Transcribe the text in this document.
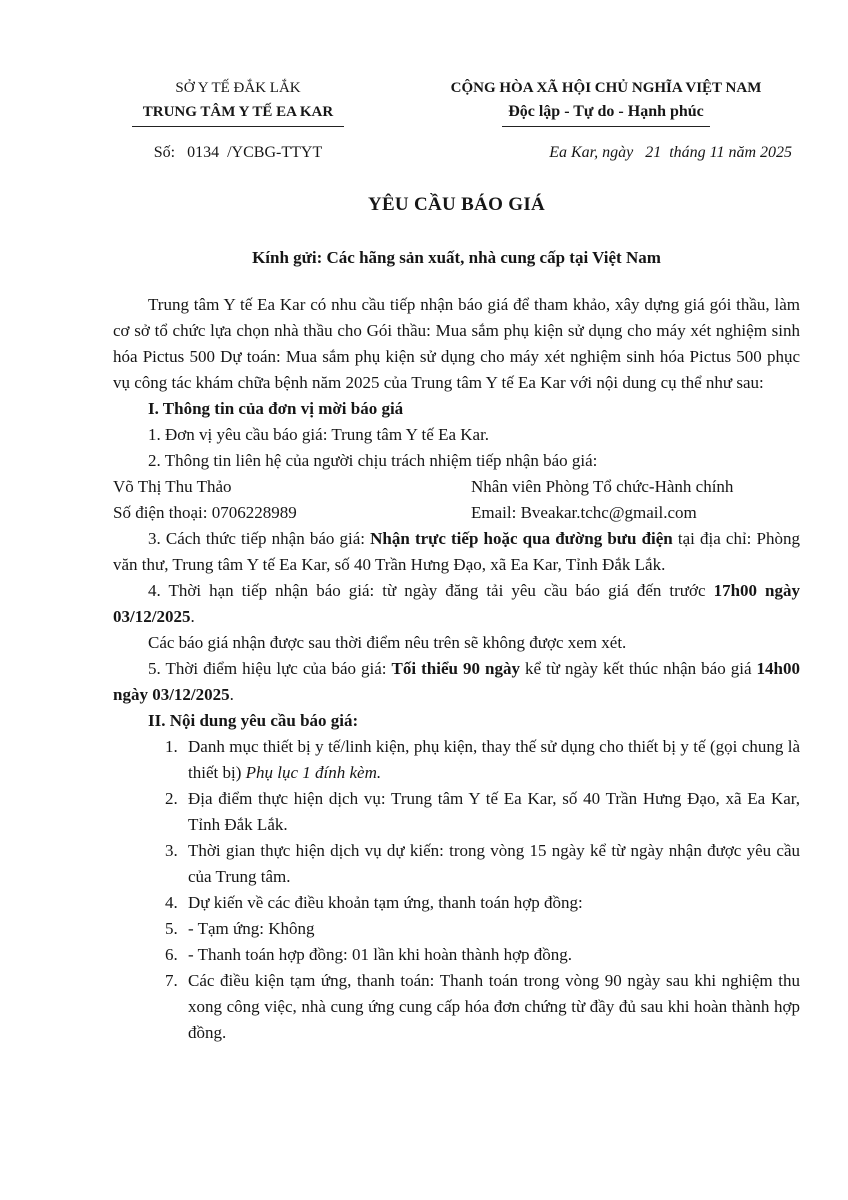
SỞ Y TẾ ĐẮK LẮK
TRUNG TÂM Y TẾ EA KAR
CỘNG HÒA XÃ HỘI CHỦ NGHĨA VIỆT NAM
Độc lập - Tự do - Hạnh phúc
Số:   0134  /YCBG-TTYT	Ea Kar, ngày   21  tháng 11 năm 2025
YÊU CẦU BÁO GIÁ
Kính gửi: Các hãng sản xuất, nhà cung cấp tại Việt Nam

Trung tâm Y tế Ea Kar có nhu cầu tiếp nhận báo giá để tham khảo, xây dựng giá gói thầu, làm cơ sở tổ chức lựa chọn nhà thầu cho Gói thầu: Mua sắm phụ kiện sử dụng cho máy xét nghiệm sinh hóa Pictus 500 Dự toán: Mua sắm phụ kiện sử dụng cho máy xét nghiệm sinh hóa Pictus 500 phục vụ công tác khám chữa bệnh năm 2025 của Trung tâm Y tế Ea Kar với nội dung cụ thể như sau:

I. Thông tin của đơn vị mời báo giá

1. Đơn vị yêu cầu báo giá: Trung tâm Y tế Ea Kar.

2. Thông tin liên hệ của người chịu trách nhiệm tiếp nhận báo giá:

Võ Thị Thu Thảo	Nhân viên Phòng Tổ chức-Hành chính
Số điện thoại: 0706228989	Email: Bveakar.tchc@gmail.com

3. Cách thức tiếp nhận báo giá: Nhận trực tiếp hoặc qua đường bưu điện tại địa chỉ: Phòng văn thư, Trung tâm Y tế Ea Kar, số 40 Trần Hưng Đạo, xã Ea Kar, Tỉnh Đắk Lắk.

4. Thời hạn tiếp nhận báo giá: từ ngày đăng tải yêu cầu báo giá đến trước 17h00 ngày 03/12/2025.

Các báo giá nhận được sau thời điểm nêu trên sẽ không được xem xét.

5. Thời điểm hiệu lực của báo giá: Tối thiểu 90 ngày kể từ ngày kết thúc nhận báo giá 14h00 ngày 03/12/2025.

II. Nội dung yêu cầu báo giá:

1. Danh mục thiết bị y tế/linh kiện, phụ kiện, thay thế sử dụng cho thiết bị y tế (gọi chung là thiết bị) Phụ lục 1 đính kèm.
2. Địa điểm thực hiện dịch vụ: Trung tâm Y tế Ea Kar, số 40 Trần Hưng Đạo, xã Ea Kar, Tỉnh Đắk Lắk.
3. Thời gian thực hiện dịch vụ dự kiến: trong vòng 15 ngày kể từ ngày nhận được yêu cầu của Trung tâm.
4. Dự kiến về các điều khoản tạm ứng, thanh toán hợp đồng:
5. - Tạm ứng: Không
6. - Thanh toán hợp đồng: 01 lần khi hoàn thành hợp đồng.
7. Các điều kiện tạm ứng, thanh toán: Thanh toán trong vòng 90 ngày sau khi nghiệm thu xong công việc, nhà cung ứng cung cấp hóa đơn chứng từ đầy đủ sau khi hoàn thành hợp đồng.
